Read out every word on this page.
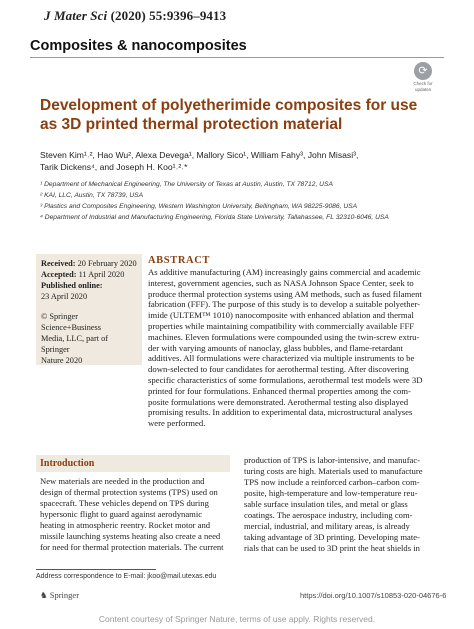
J Mater Sci (2020) 55:9396–9413
Composites & nanocomposites
⟳
Check for
updates
Development of polyetherimide composites for use
as 3D printed thermal protection material
Steven Kim¹˒², Hao Wu², Alexa Devega¹, Mallory Sico¹, William Fahy³, John Misasi³,
Tarik Dickens⁴, and Joseph H. Koo¹˒²˒*
¹ Department of Mechanical Engineering, The University of Texas at Austin, Austin, TX 78712, USA
² KAI, LLC, Austin, TX 78739, USA
³ Plastics and Composites Engineering, Western Washington University, Bellingham, WA 98225-9086, USA
⁴ Department of Industrial and Manufacturing Engineering, Florida State University, Tallahassee, FL 32310-6046, USA
Received: 20 February 2020
Accepted: 11 April 2020
Published online:
23 April 2020
© Springer Science+Business
Media, LLC, part of Springer
Nature 2020
ABSTRACT
As additive manufacturing (AM) increasingly gains commercial and academic
interest, government agencies, such as NASA Johnson Space Center, seek to
produce thermal protection systems using AM methods, such as fused filament
fabrication (FFF). The purpose of this study is to develop a suitable polyether-
imide (ULTEM™ 1010) nanocomposite with enhanced ablation and thermal
properties while maintaining compatibility with commercially available FFF
machines. Eleven formulations were compounded using the twin-screw extru-
der with varying amounts of nanoclay, glass bubbles, and flame-retardant
additives. All formulations were characterized via multiple instruments to be
down-selected to four candidates for aerothermal testing. After discovering
specific characteristics of some formulations, aerothermal test models were 3D
printed for four formulations. Enhanced thermal properties among the com-
posite formulations were demonstrated. Aerothermal testing also displayed
promising results. In addition to experimental data, microstructural analyses
were performed.
Introduction
New materials are needed in the production and
design of thermal protection systems (TPS) used on
spacecraft. These vehicles depend on TPS during
hypersonic flight to guard against aerodynamic
heating in atmospheric reentry. Rocket motor and
missile launching systems heating also create a need
for need for thermal protection materials. The current
production of TPS is labor-intensive, and manufac-
turing costs are high. Materials used to manufacture
TPS now include a reinforced carbon–carbon com-
posite, high-temperature and low-temperature reu-
sable surface insulation tiles, and metal or glass
coatings. The aerospace industry, including com-
mercial, industrial, and military areas, is already
taking advantage of 3D printing. Developing mate-
rials that can be used to 3D print the heat shields in
Address correspondence to E-mail: jkoo@mail.utexas.edu
♞ Springer	https://doi.org/10.1007/s10853-020-04676-6
Content courtesy of Springer Nature, terms of use apply. Rights reserved.
